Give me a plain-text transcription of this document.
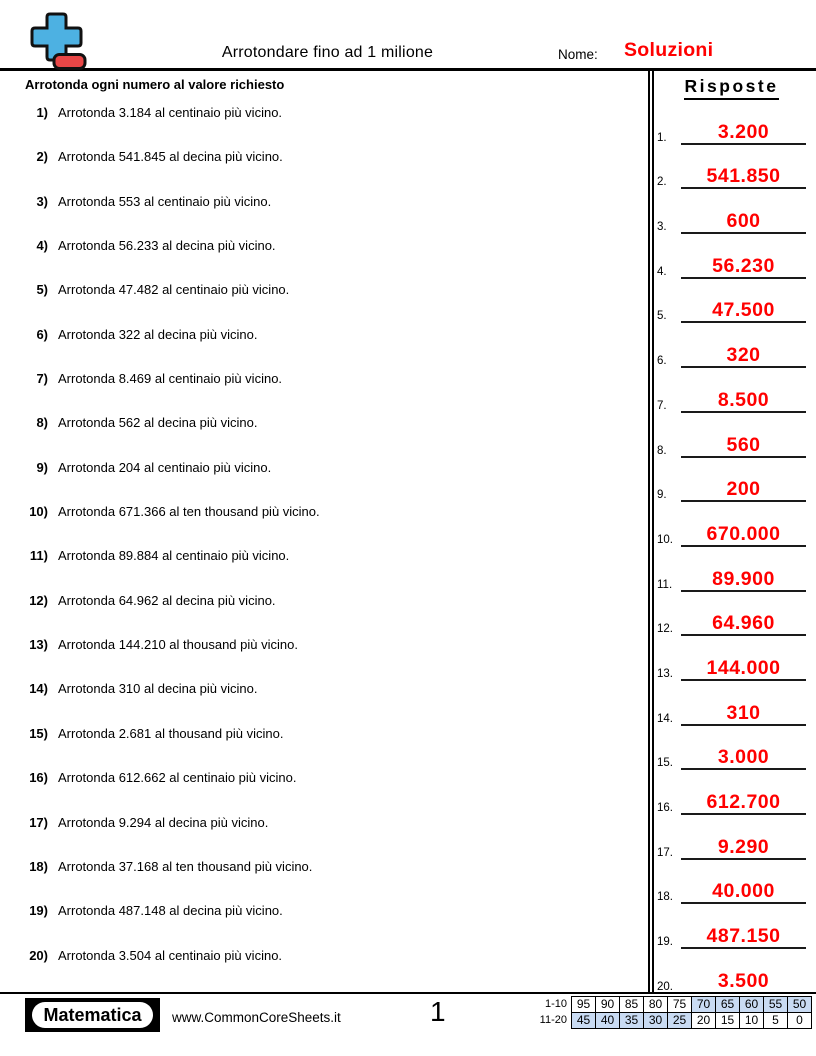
Arrotondare fino ad 1 milione	Nome: Soluzioni
Arrotonda ogni numero al valore richiesto
1) Arrotonda 3.184 al centinaio più vicino.
2) Arrotonda 541.845 al decina più vicino.
3) Arrotonda 553 al centinaio più vicino.
4) Arrotonda 56.233 al decina più vicino.
5) Arrotonda 47.482 al centinaio più vicino.
6) Arrotonda 322 al decina più vicino.
7) Arrotonda 8.469 al centinaio più vicino.
8) Arrotonda 562 al decina più vicino.
9) Arrotonda 204 al centinaio più vicino.
10) Arrotonda 671.366 al ten thousand più vicino.
11) Arrotonda 89.884 al centinaio più vicino.
12) Arrotonda 64.962 al decina più vicino.
13) Arrotonda 144.210 al thousand più vicino.
14) Arrotonda 310 al decina più vicino.
15) Arrotonda 2.681 al thousand più vicino.
16) Arrotonda 612.662 al centinaio più vicino.
17) Arrotonda 9.294 al decina più vicino.
18) Arrotonda 37.168 al ten thousand più vicino.
19) Arrotonda 487.148 al decina più vicino.
20) Arrotonda 3.504 al centinaio più vicino.
Risposte
1.	3.200
2.	541.850
3.	600
4.	56.230
5.	47.500
6.	320
7.	8.500
8.	560
9.	200
10.	670.000
11.	89.900
12.	64.960
13.	144.000
14.	310
15.	3.000
16.	612.700
17.	9.290
18.	40.000
19.	487.150
20.	3.500
Matematica	www.CommonCoreSheets.it	1	1-10	95	90	85	80	75	70	65	60	55	50
11-20	45	40	35	30	25	20	15	10	5	0
